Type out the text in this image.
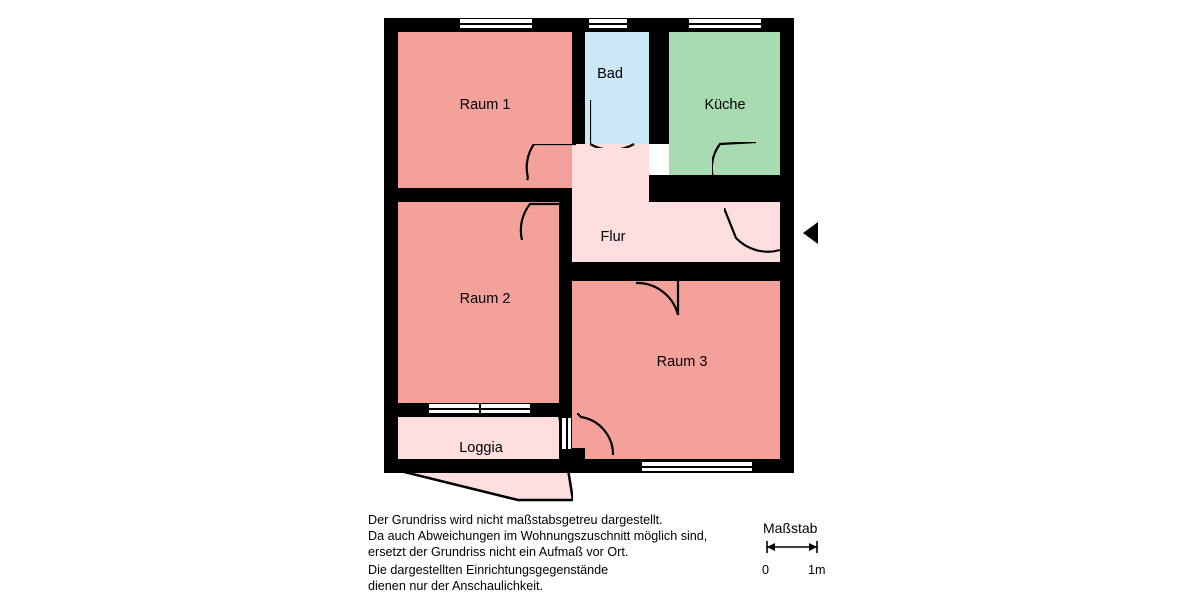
Raum 1
Bad
Küche
Flur
Raum 2
Raum 3
Loggia
Der Grundriss wird nicht maßstabsgetreu dargestellt.
Da auch Abweichungen im Wohnungszuschnitt möglich sind,
ersetzt der Grundriss nicht ein Aufmaß vor Ort.
Die dargestellten Einrichtungsgegenstände
dienen nur der Anschaulichkeit.
Maßstab
0	1m
